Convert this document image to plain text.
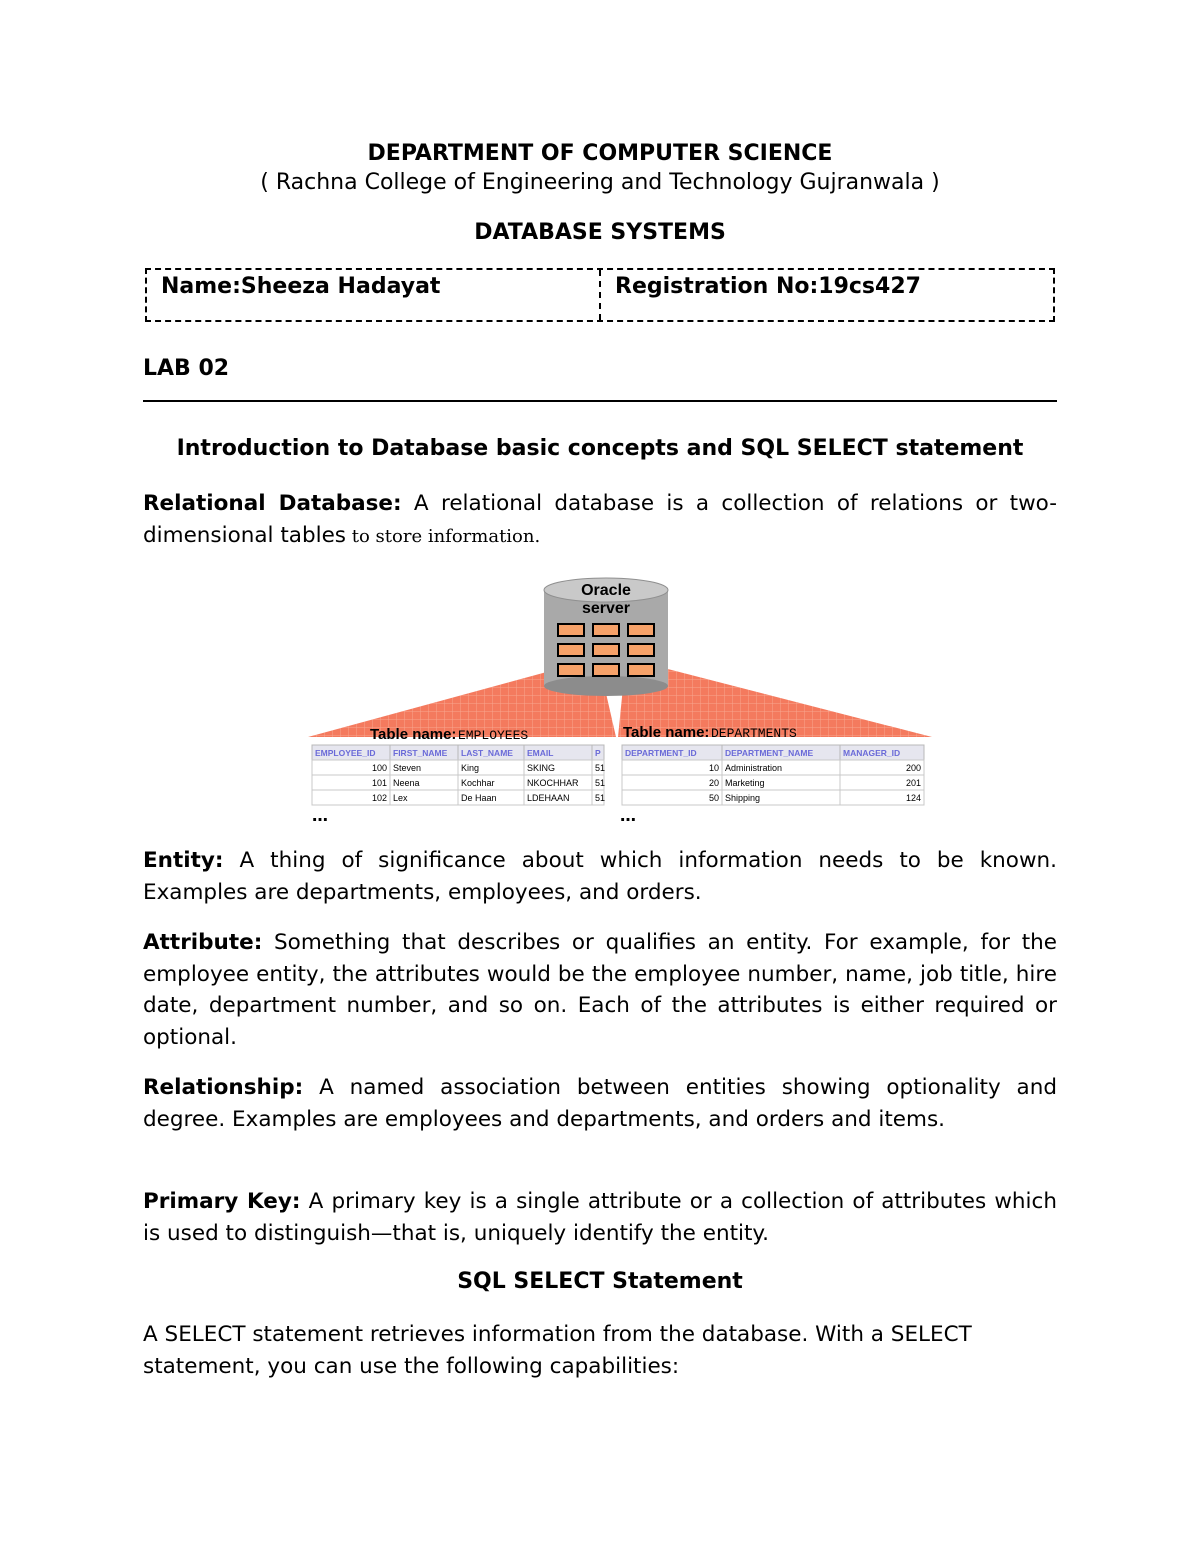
DEPARTMENT OF COMPUTER SCIENCE
( Rachna College of Engineering and Technology Gujranwala )
DATABASE SYSTEMS
Name:Sheeza Hadayat	Registration No:19cs427
LAB 02
Introduction to Database basic concepts and SQL SELECT statement
Relational Database: A relational database is a collection of relations or two-dimensional tables to store information.
Oracle
server
Table name: EMPLOYEES	Table name: DEPARTMENTS
EMPLOYEE_ID FIRST_NAME LAST_NAME EMAIL	P
100 Steven	King	SKING	51
101 Neena	Kochhar	NKOCHHAR 51
102 Lex	De Haan	LDEHAAN	51
DEPARTMENT_ID	DEPARTMENT_NAME	MANAGER_ID
10 Administration	200
20 Marketing	201
50 Shipping	124
…	…
Entity: A thing of significance about which information needs to be known. Examples are departments, employees, and orders.
Attribute: Something that describes or qualifies an entity. For example, for the employee entity, the attributes would be the employee number, name, job title, hire date, department number, and so on. Each of the attributes is either required or optional.
Relationship: A named association between entities showing optionality and degree. Examples are employees and departments, and orders and items.
Primary Key: A primary key is a single attribute or a collection of attributes which is used to distinguish—that is, uniquely identify the entity.
SQL SELECT Statement
A SELECT statement retrieves information from the database. With a SELECT statement, you can use the following capabilities:
